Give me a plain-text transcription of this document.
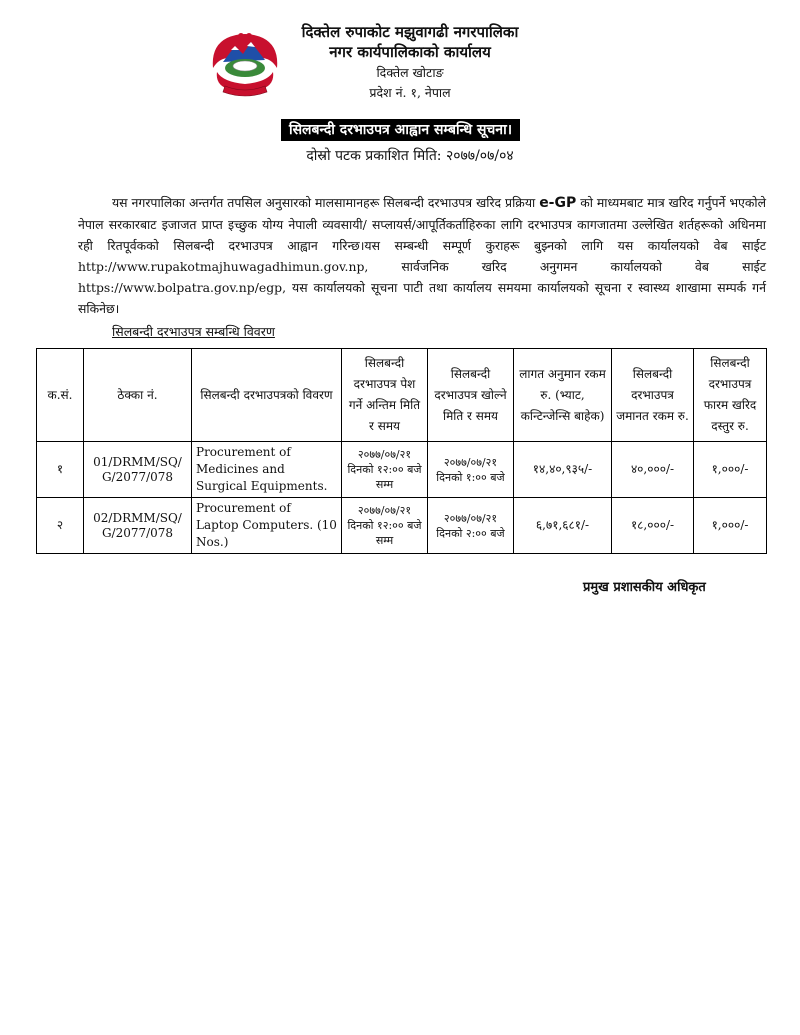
दिक्तेल रुपाकोट मझुवागढी नगरपालिका
नगर कार्यपालिकाको कार्यालय
दिक्तेल खोटाङ
प्रदेश नं. १, नेपाल
सिलबन्दी दरभाउपत्र आह्वान सम्बन्धि सूचना।
दोस्रो पटक प्रकाशित मिति: २०७७/०७/०४
यस नगरपालिका अन्तर्गत तपसिल अनुसारको मालसामानहरू सिलबन्दी दरभाउपत्र खरिद प्रक्रिया e-GP को माध्यमबाट मात्र खरिद गर्नुपर्ने भएकोले नेपाल सरकारबाट इजाजत प्राप्त इच्छुक योग्य नेपाली व्यवसायी/ सप्लायर्स/आपूर्तिकर्ताहिरुका लागि दरभाउपत्र कागजातमा उल्लेखित शर्तहरूको अधिनमा रही रितपूर्वकको सिलबन्दी दरभाउपत्र आह्वान गरिन्छ।यस सम्बन्धी सम्पूर्ण कुराहरू बुझ्नको लागि यस कार्यालयको वेब साईट http://www.rupakotmajhuwagadhimun.gov.np, सार्वजनिक खरिद अनुगमन कार्यालयको वेब साईट https://www.bolpatra.gov.np/egp, यस कार्यालयको सूचना पाटी तथा कार्यालय समयमा कार्यालयको सूचना र स्वास्थ्य शाखामा सम्पर्क गर्न सकिनेछ।
सिलबन्दी दरभाउपत्र सम्बन्धि विवरण
क.सं.	ठेक्का नं.	सिलबन्दी दरभाउपत्रको विवरण	सिलबन्दी दरभाउपत्र पेश गर्ने अन्तिम मिति र समय	सिलबन्दी दरभाउपत्र खोल्ने मिति र समय	लागत अनुमान रकम रु. (भ्याट, कन्टिन्जेन्सि बाहेक)	सिलबन्दी दरभाउपत्र जमानत रकम रु.	सिलबन्दी दरभाउपत्र फारम खरिद दस्तुर रु.
१	01/DRMM/SQ/ G/2077/078	Procurement of Medicines and Surgical Equipments.	२०७७/०७/२१ दिनको १२:०० बजे सम्म	२०७७/०७/२१ दिनको १:०० बजे	१४,४०,९३५/-	४०,०००/-	१,०००/-
२	02/DRMM/SQ/ G/2077/078	Procurement of Laptop Computers. (10 Nos.)	२०७७/०७/२१ दिनको १२:०० बजे सम्म	२०७७/०७/२१ दिनको २:०० बजे	६,७१,६८१/-	१८,०००/-	१,०००/-
प्रमुख प्रशासकीय अधिकृत
